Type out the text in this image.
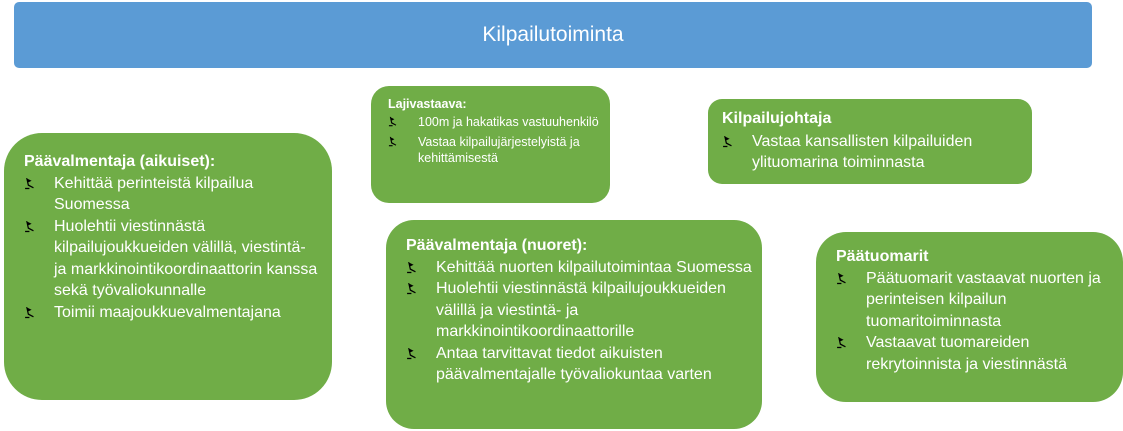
Kilpailutoiminta
Päävalmentaja (aikuiset):
Kehittää perinteistä kilpailua Suomessa
Huolehtii viestinnästä kilpailujoukkueiden välillä, viestintä- ja markkinointikoordinaattorin kanssa sekä työvaliokunnalle
Toimii maajoukkuevalmentajana
Lajivastaava:
100m ja hakatikas vastuuhenkilö
Vastaa kilpailujärjestelyistä ja kehittämisestä
Kilpailujohtaja
Vastaa kansallisten kilpailuiden ylituomarina toiminnasta
Päävalmentaja (nuoret):
Kehittää nuorten kilpailutoimintaa Suomessa
Huolehtii viestinnästä kilpailujoukkueiden välillä ja viestintä- ja markkinointikoordinaattorille
Antaa tarvittavat tiedot aikuisten päävalmentajalle työvaliokuntaa varten
Päätuomarit
Päätuomarit vastaavat nuorten ja perinteisen kilpailun tuomaritoiminnasta
Vastaavat tuomareiden rekrytoinnista ja viestinnästä
